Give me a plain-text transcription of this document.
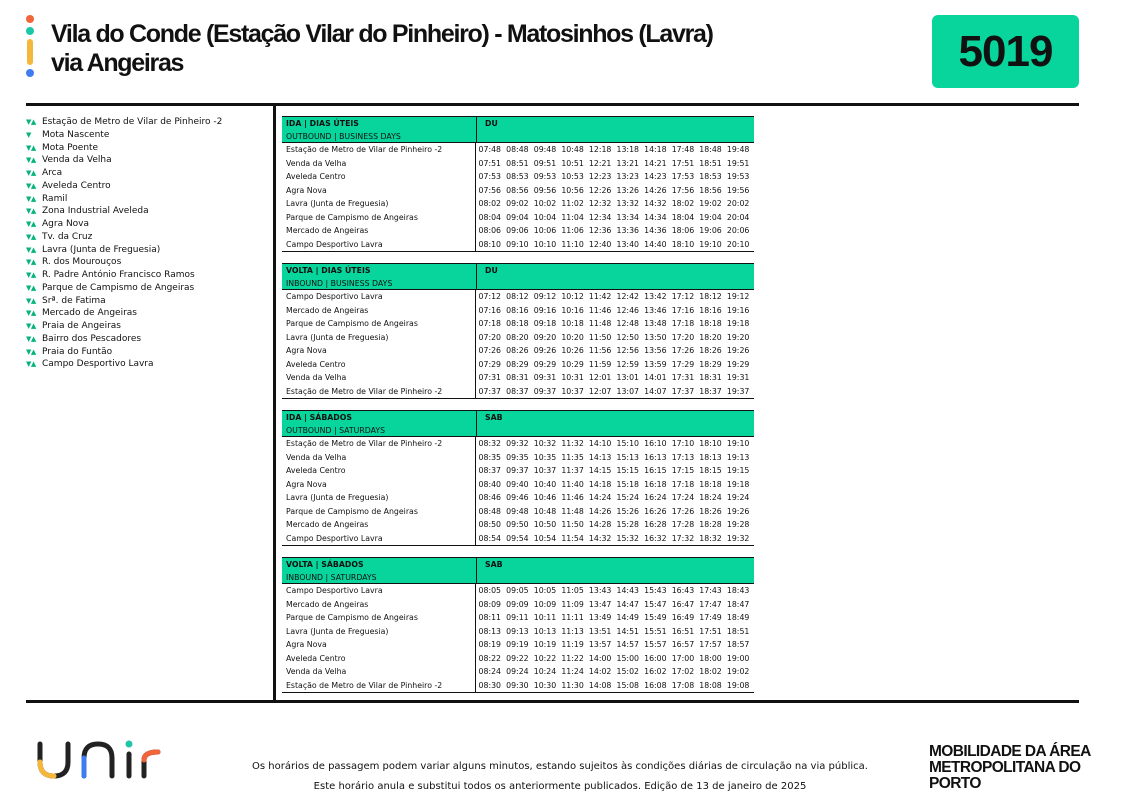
Vila do Conde (Estação Vilar do Pinheiro) - Matosinhos (Lavra)
via Angeiras	5019
▼▲ Estação de Metro de Vilar de Pinheiro -2
▼	Mota Nascente
▼▲ Mota Poente
▼▲ Venda da Velha
▼▲ Arca
▼▲ Aveleda Centro
▼▲ Ramil
▼▲ Zona Industrial Aveleda
▼▲ Agra Nova
▼▲ Tv. da Cruz
▼▲ Lavra (Junta de Freguesia)
▼▲ R. dos Mourouços
▼▲ R. Padre António Francisco Ramos
▼▲ Parque de Campismo de Angeiras
▼▲ Srª. de Fatima
▼▲ Mercado de Angeiras
▼▲ Praia de Angeiras
▼▲ Bairro dos Pescadores
▼▲ Praia do Funtão
▼▲ Campo Desportivo Lavra
IDA | DIAS ÚTEIS
OUTBOUND | BUSINESS DAYS
DU
Estação de Metro de Vilar de Pinheiro -2	07:48 08:48 09:48 10:48 12:18 13:18 14:18 17:48 18:48 19:48
Venda da Velha	07:51 08:51 09:51 10:51 12:21 13:21 14:21 17:51 18:51 19:51
Aveleda Centro	07:53 08:53 09:53 10:53 12:23 13:23 14:23 17:53 18:53 19:53
Agra Nova	07:56 08:56 09:56 10:56 12:26 13:26 14:26 17:56 18:56 19:56
Lavra (Junta de Freguesia)	08:02 09:02 10:02 11:02 12:32 13:32 14:32 18:02 19:02 20:02
Parque de Campismo de Angeiras	08:04 09:04 10:04 11:04 12:34 13:34 14:34 18:04 19:04 20:04
Mercado de Angeiras	08:06 09:06 10:06 11:06 12:36 13:36 14:36 18:06 19:06 20:06
Campo Desportivo Lavra	08:10 09:10 10:10 11:10 12:40 13:40 14:40 18:10 19:10 20:10
VOLTA | DIAS ÚTEIS
INBOUND | BUSINESS DAYS
DU
Campo Desportivo Lavra	07:12 08:12 09:12 10:12 11:42 12:42 13:42 17:12 18:12 19:12
Mercado de Angeiras	07:16 08:16 09:16 10:16 11:46 12:46 13:46 17:16 18:16 19:16
Parque de Campismo de Angeiras	07:18 08:18 09:18 10:18 11:48 12:48 13:48 17:18 18:18 19:18
Lavra (Junta de Freguesia)	07:20 08:20 09:20 10:20 11:50 12:50 13:50 17:20 18:20 19:20
Agra Nova	07:26 08:26 09:26 10:26 11:56 12:56 13:56 17:26 18:26 19:26
Aveleda Centro	07:29 08:29 09:29 10:29 11:59 12:59 13:59 17:29 18:29 19:29
Venda da Velha	07:31 08:31 09:31 10:31 12:01 13:01 14:01 17:31 18:31 19:31
Estação de Metro de Vilar de Pinheiro -2	07:37 08:37 09:37 10:37 12:07 13:07 14:07 17:37 18:37 19:37
IDA | SÁBADOS
OUTBOUND | SATURDAYS
SAB
Estação de Metro de Vilar de Pinheiro -2	08:32 09:32 10:32 11:32 14:10 15:10 16:10 17:10 18:10 19:10
Venda da Velha	08:35 09:35 10:35 11:35 14:13 15:13 16:13 17:13 18:13 19:13
Aveleda Centro	08:37 09:37 10:37 11:37 14:15 15:15 16:15 17:15 18:15 19:15
Agra Nova	08:40 09:40 10:40 11:40 14:18 15:18 16:18 17:18 18:18 19:18
Lavra (Junta de Freguesia)	08:46 09:46 10:46 11:46 14:24 15:24 16:24 17:24 18:24 19:24
Parque de Campismo de Angeiras	08:48 09:48 10:48 11:48 14:26 15:26 16:26 17:26 18:26 19:26
Mercado de Angeiras	08:50 09:50 10:50 11:50 14:28 15:28 16:28 17:28 18:28 19:28
Campo Desportivo Lavra	08:54 09:54 10:54 11:54 14:32 15:32 16:32 17:32 18:32 19:32
VOLTA | SÁBADOS
INBOUND | SATURDAYS
SAB
Campo Desportivo Lavra	08:05 09:05 10:05 11:05 13:43 14:43 15:43 16:43 17:43 18:43
Mercado de Angeiras	08:09 09:09 10:09 11:09 13:47 14:47 15:47 16:47 17:47 18:47
Parque de Campismo de Angeiras	08:11 09:11 10:11 11:11 13:49 14:49 15:49 16:49 17:49 18:49
Lavra (Junta de Freguesia)	08:13 09:13 10:13 11:13 13:51 14:51 15:51 16:51 17:51 18:51
Agra Nova	08:19 09:19 10:19 11:19 13:57 14:57 15:57 16:57 17:57 18:57
Aveleda Centro	08:22 09:22 10:22 11:22 14:00 15:00 16:00 17:00 18:00 19:00
Venda da Velha	08:24 09:24 10:24 11:24 14:02 15:02 16:02 17:02 18:02 19:02
Estação de Metro de Vilar de Pinheiro -2	08:30 09:30 10:30 11:30 14:08 15:08 16:08 17:08 18:08 19:08
Os horários de passagem podem variar alguns minutos, estando sujeitos às condições diárias de circulação na via pública.
Este horário anula e substitui todos os anteriormente publicados. Edição de 13 de janeiro de 2025
MOBILIDADE DA ÁREA
METROPOLITANA DO PORTO
